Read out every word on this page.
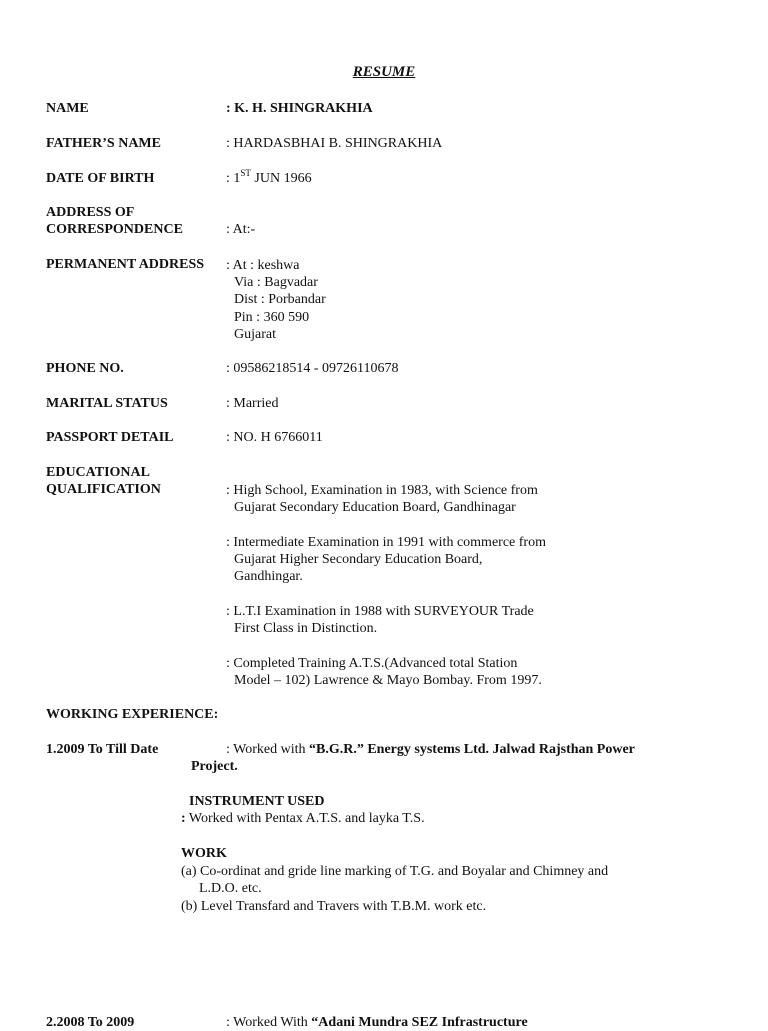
RESUME
NAME	: K. H. SHINGRAKHIA
FATHER’S NAME	: HARDASBHAI B. SHINGRAKHIA
DATE OF BIRTH	: 1ST JUN 1966
ADDRESS OF
CORRESPONDENCE	: At:-
PERMANENT ADDRESS : At : keshwa
Via : Bagvadar
Dist : Porbandar
Pin : 360 590
Gujarat
PHONE NO.	: 09586218514 - 09726110678
MARITAL STATUS	: Married
PASSPORT DETAIL	: NO. H 6766011
EDUCATIONAL
QUALIFICATION	: High School, Examination in 1983, with Science from
Gujarat Secondary Education Board, Gandhinagar
: Intermediate Examination in 1991 with commerce from
Gujarat Higher Secondary Education Board,
Gandhingar.
: L.T.I Examination in 1988 with SURVEYOUR Trade
First Class in Distinction.
: Completed Training A.T.S.(Advanced total Station
Model – 102) Lawrence & Mayo Bombay. From 1997.
WORKING EXPERIENCE:
1.2009 To Till Date	: Worked with “B.G.R.” Energy systems Ltd. Jalwad Rajsthan Power
Project.
INSTRUMENT USED
: Worked with Pentax A.T.S. and layka T.S.
WORK
(a) Co-ordinat and gride line marking of T.G. and Boyalar and Chimney and
L.D.O. etc.
(b) Level Transfard and Travers with T.B.M. work etc.
2.2008 To 2009	: Worked With “Adani Mundra SEZ Infrastructure
